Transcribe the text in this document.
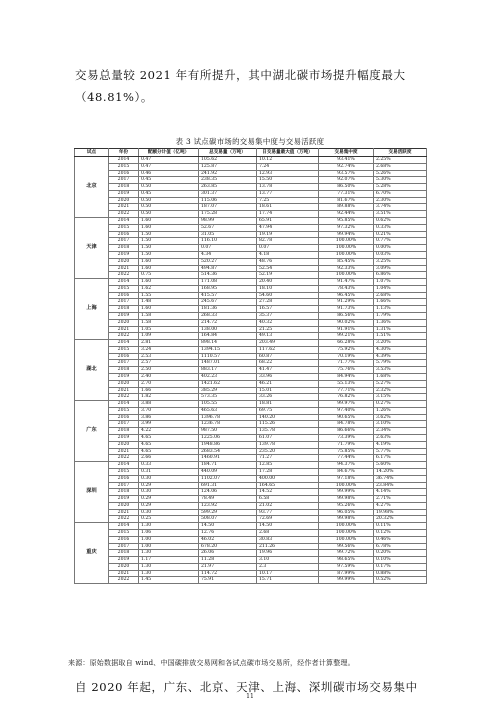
交易总量较 2021 年有所提升，其中湖北碳市场提升幅度最大
（48.81%）。

表 3 试点碳市场的交易集中度与交易活跃度
试点	年份	配额分计值（亿吨）	总交易量（万吨）	日交易量最大值（万吨）	交易集中度	交易活跃度
北京	2014	0.47	105.62	10.12	93.41%	2.25%
	2015	0.47	125.87	7.24	92.74%	2.68%
	2016	0.46	241.92	12.93	93.57%	5.26%
	2017	0.45	238.35	15.50	92.07%	5.30%
	2018	0.50	263.85	13.78	86.50%	5.28%
	2019	0.45	301.37	13.77	77.31%	6.70%
	2020	0.50	115.06	7.25	81.67%	2.30%
	2021	0.50	187.07	18.61	89.88%	3.74%
	2022	0.50	175.28	17.74	92.44%	3.51%
天津	2014	1.60	98.99	65.91	95.85%	0.62%
	2015	1.60	52.67	47.94	97.32%	0.33%
	2016	1.50	31.05	19.19	99.94%	0.21%
	2017	1.50	116.10	82.78	100.00%	0.77%
	2018	1.50	0.07	0.07	100.00%	0.00%
	2019	1.50	4.34	4.18	100.00%	0.03%
	2020	1.60	520.27	48.76	85.45%	3.25%
	2021	1.60	494.87	52.54	92.33%	3.09%
	2022	0.75	514.36	52.19	100.00%	6.86%
上海	2014	1.60	171.08	20.40	91.47%	1.07%
	2015	1.62	168.95	18.10	78.43%	1.04%
	2016	1.55	415.57	54.60	96.45%	2.68%
	2017	1.48	245.67	27.28	91.29%	1.66%
	2018	1.60	181.36	16.57	91.73%	1.13%
	2019	1.58	268.33	35.37	86.56%	1.79%
	2020	1.58	214.72	40.32	90.02%	1.36%
	2021	1.05	138.00	21.25	91.91%	1.31%
	2022	1.09	164.84	49.13	99.21%	1.51%
湖北	2014	2.81	898.14	203.49	66.28%	3.20%
	2015	3.24	1394.15	117.62	75.92%	4.30%
	2016	2.53	1110.57	60.87	70.19%	4.39%
	2017	2.57	1487.01	68.22	71.77%	5.79%
	2018	2.50	883.17	41.47	75.76%	3.53%
	2019	2.40	402.23	33.96	84.94%	1.68%
	2020	2.70	1421.62	46.21	55.13%	5.27%
	2021	1.66	385.29	15.01	77.71%	2.32%
	2022	1.82	573.35	33.26	76.82%	3.15%
广东	2014	3.88	105.55	18.81	99.97%	0.27%
	2015	3.70	465.63	69.75	97.40%	1.26%
	2016	3.86	1396.78	140.20	90.65%	3.62%
	2017	3.99	1236.78	115.26	84.78%	3.10%
	2018	4.22	987.50	135.78	86.66%	2.34%
	2019	4.65	1225.06	61.07	73.39%	2.63%
	2020	4.65	1948.86	139.78	71.79%	4.19%
	2021	4.65	2683.54	235.20	75.85%	5.77%
	2022	2.66	1460.91	71.27	77.44%	6.17%
深圳	2014	0.33	184.71	12.85	94.37%	5.60%
	2015	0.31	440.09	17.28	84.67%	14.20%
	2016	0.30	1102.07	400.00	97.18%	36.74%
	2017	0.29	691.31	164.65	100.00%	23.84%
	2018	0.30	124.06	14.52	99.99%	4.14%
	2019	0.29	78.49	6.58	99.98%	2.71%
	2020	0.29	123.92	21.02	95.26%	4.27%
	2021	0.30	599.29	93.77	96.05%	19.98%
	2022	0.25	508.07	72.69	99.98%	20.32%
重庆	2014	1.30	14.50	14.50	100.00%	0.11%
	2015	1.06	12.76	2.68	100.00%	0.12%
	2016	1.00	46.02	30.83	100.00%	0.46%
	2017	1.00	678.20	211.26	99.56%	6.78%
	2018	1.30	26.06	19.96	99.72%	0.20%
	2019	1.17	11.28	3.10	98.65%	0.10%
	2020	1.30	21.97	2.3	97.59%	0.17%
	2021	1.30	114.72	10.17	87.99%	0.88%
	2022	1.45	75.91	15.71	99.99%	0.52%
来源：原始数据取自 wind、中国碳排放交易网和各试点碳市场交易所，经作者计算整理。

自 2020 年起，广东、北京、天津、上海、深圳碳市场交易集中

11
